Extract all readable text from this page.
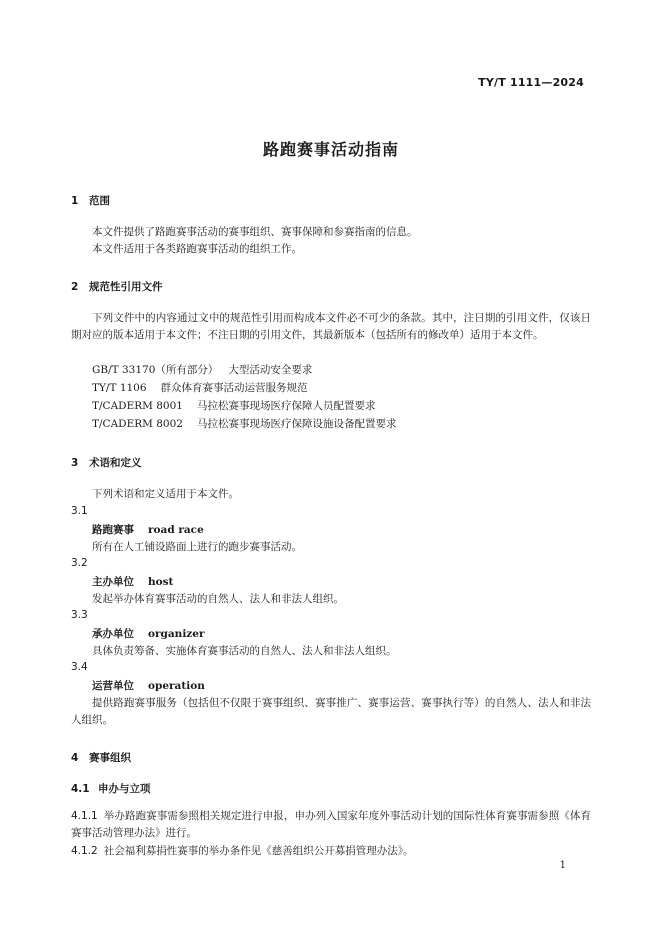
TY/T 1111—2024
路跑赛事活动指南
1 范围
本文件提供了路跑赛事活动的赛事组织、赛事保障和参赛指南的信息。
本文件适用于各类路跑赛事活动的组织工作。
2 规范性引用文件
下列文件中的内容通过文中的规范性引用而构成本文件必不可少的条款。其中，注日期的引用文件，仅该日期对应的版本适用于本文件；不注日期的引用文件，其最新版本（包括所有的修改单）适用于本文件。
GB/T 33170（所有部分） 大型活动安全要求
TY/T 1106 群众体育赛事活动运营服务规范
T/CADERM 8001 马拉松赛事现场医疗保障人员配置要求
T/CADERM 8002 马拉松赛事现场医疗保障设施设备配置要求
3 术语和定义
下列术语和定义适用于本文件。
3.1
路跑赛事 road race
所有在人工铺设路面上进行的跑步赛事活动。
3.2
主办单位 host
发起举办体育赛事活动的自然人、法人和非法人组织。
3.3
承办单位 organizer
具体负责筹备、实施体育赛事活动的自然人、法人和非法人组织。
3.4
运营单位 operation
提供路跑赛事服务（包括但不仅限于赛事组织、赛事推广、赛事运营、赛事执行等）的自然人、法人和非法人组织。
4 赛事组织
4.1 申办与立项
4.1.1 举办路跑赛事需参照相关规定进行申报，申办列入国家年度外事活动计划的国际性体育赛事需参照《体育赛事活动管理办法》进行。
4.1.2 社会福利募捐性赛事的举办条件见《慈善组织公开募捐管理办法》。
1
